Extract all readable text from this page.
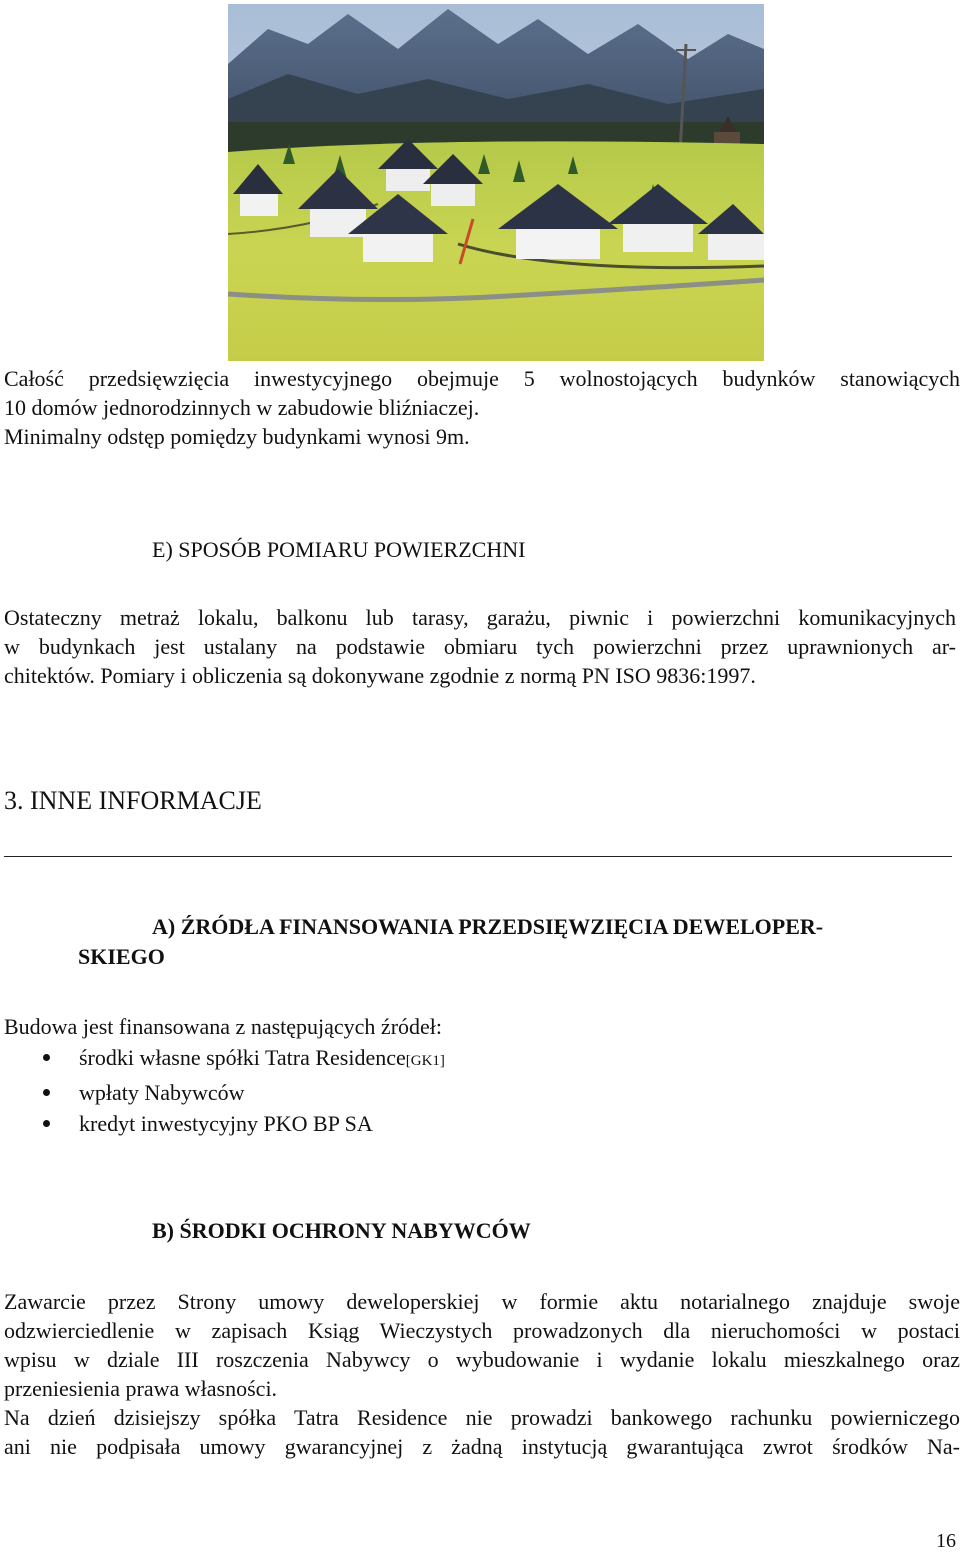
Całość przedsięwzięcia inwestycyjnego obejmuje 5 wolnostojących budynków stanowiących
10 domów jednorodzinnych w zabudowie bliźniaczej.
Minimalny odstęp pomiędzy budynkami wynosi 9m.

E) SPOSÓB POMIARU POWIERZCHNI

Ostateczny metraż lokalu, balkonu lub tarasy, garażu, piwnic i powierzchni komunikacyjnych
w budynkach jest ustalany na podstawie obmiaru tych powierzchni przez uprawnionych ar-
chitektów. Pomiary i obliczenia są dokonywane zgodnie z normą PN ISO 9836:1997.

3. INNE INFORMACJE

A) ŹRÓDŁA FINANSOWANIA PRZEDSIĘWZIĘCIA DEWELOPER-
SKIEGO

Budowa jest finansowana z następujących źródeł:

środki własne spółki Tatra Residence[GK1]
wpłaty Nabywców
kredyt inwestycyjny PKO BP SA

B) ŚRODKI OCHRONY NABYWCÓW

Zawarcie przez Strony umowy deweloperskiej w formie aktu notarialnego znajduje swoje
odzwierciedlenie w zapisach Ksiąg Wieczystych prowadzonych dla nieruchomości w postaci
wpisu w dziale III roszczenia Nabywcy o wybudowanie i wydanie lokalu mieszkalnego oraz
przeniesienia prawa własności.
Na dzień dzisiejszy spółka Tatra Residence nie prowadzi bankowego rachunku powierniczego
ani nie podpisała umowy gwarancyjnej z żadną instytucją gwarantująca zwrot środków Na-

16
